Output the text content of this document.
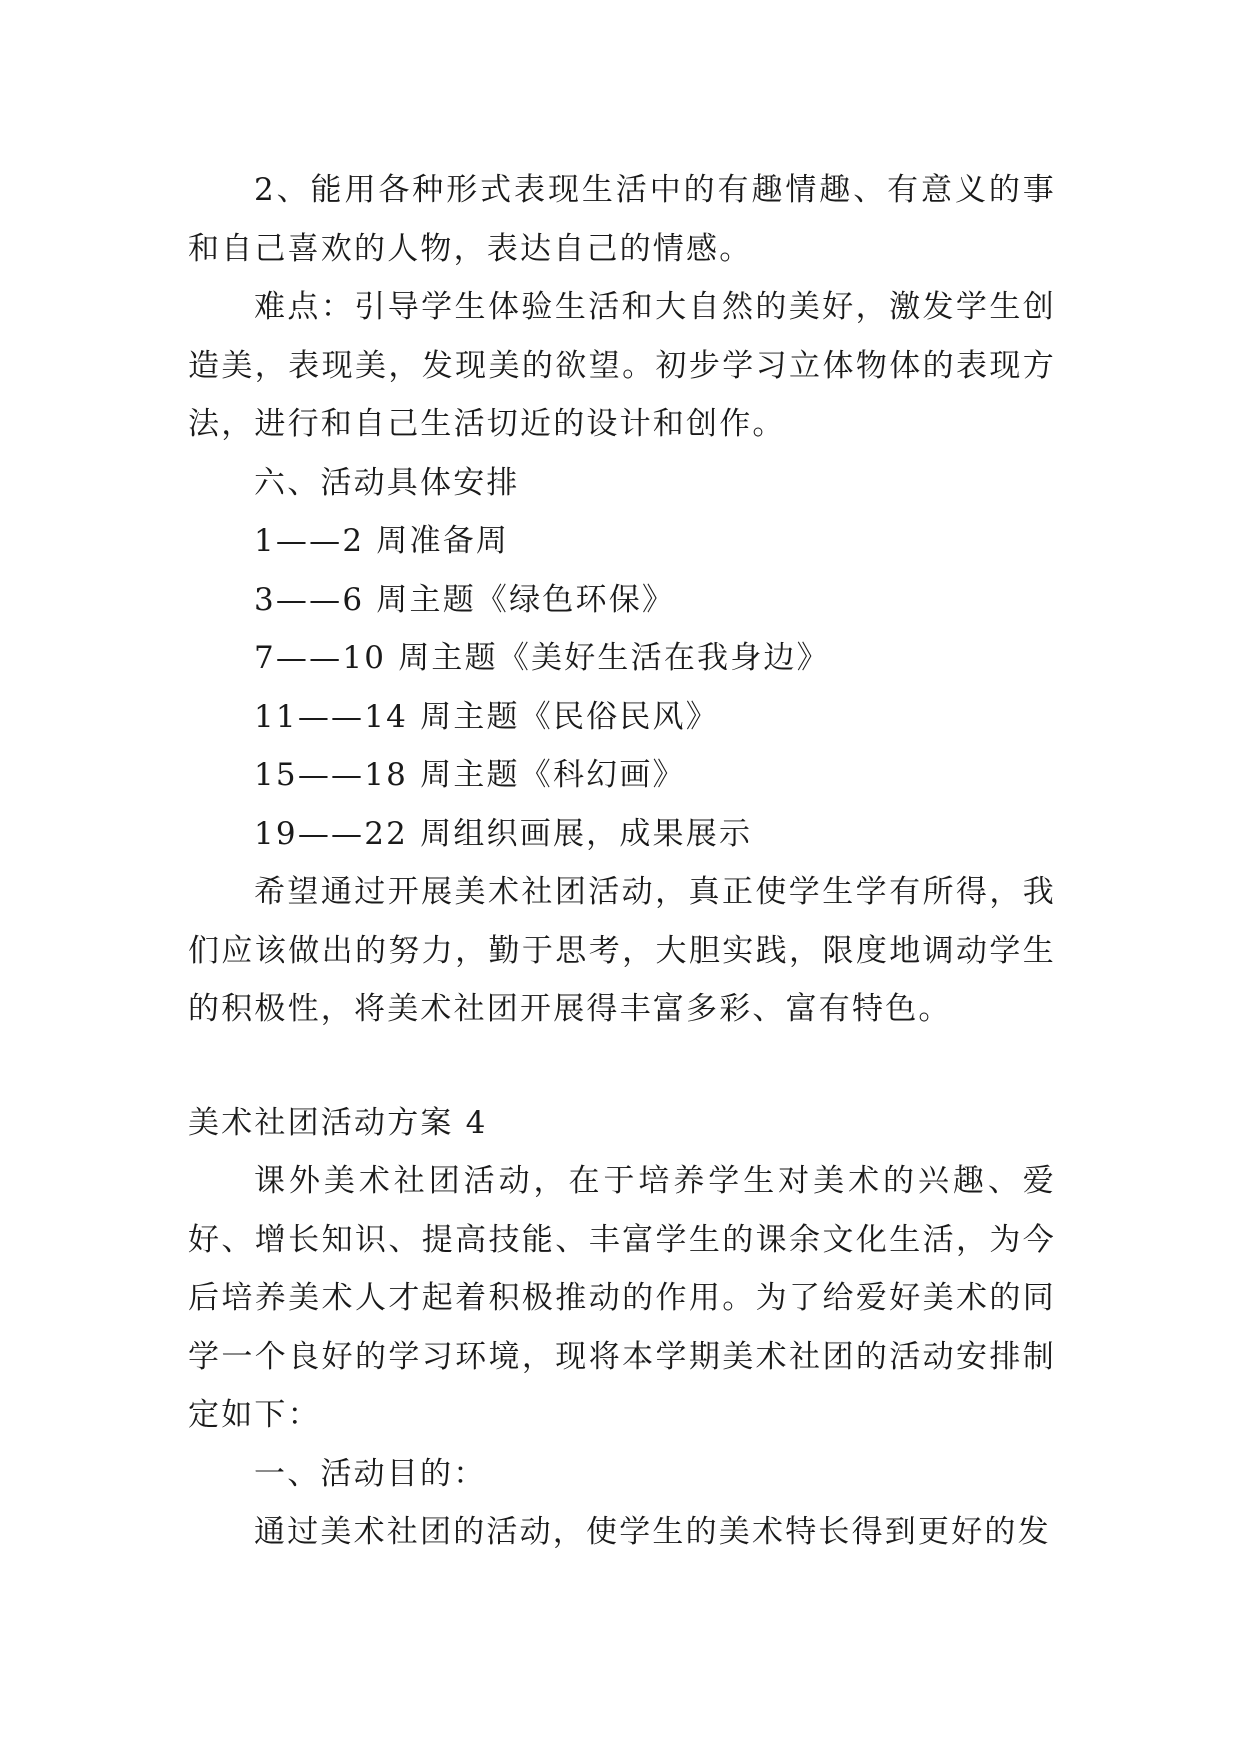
2、能用各种形式表现生活中的有趣情趣、有意义的事和自己喜欢的人物，表达自己的情感。

难点：引导学生体验生活和大自然的美好，激发学生创造美，表现美，发现美的欲望。初步学习立体物体的表现方法，进行和自己生活切近的设计和创作。

六、活动具体安排

1——2 周准备周

3——6 周主题《绿色环保》

7——10 周主题《美好生活在我身边》

11——14 周主题《民俗民风》

15——18 周主题《科幻画》

19——22 周组织画展，成果展示

希望通过开展美术社团活动，真正使学生学有所得，我们应该做出的努力，勤于思考，大胆实践，限度地调动学生的积极性，将美术社团开展得丰富多彩、富有特色。

美术社团活动方案 4

课外美术社团活动，在于培养学生对美术的兴趣、爱好、增长知识、提高技能、丰富学生的课余文化生活，为今后培养美术人才起着积极推动的作用。为了给爱好美术的同学一个良好的学习环境，现将本学期美术社团的活动安排制定如下：

一、活动目的：

通过美术社团的活动，使学生的美术特长得到更好的发
